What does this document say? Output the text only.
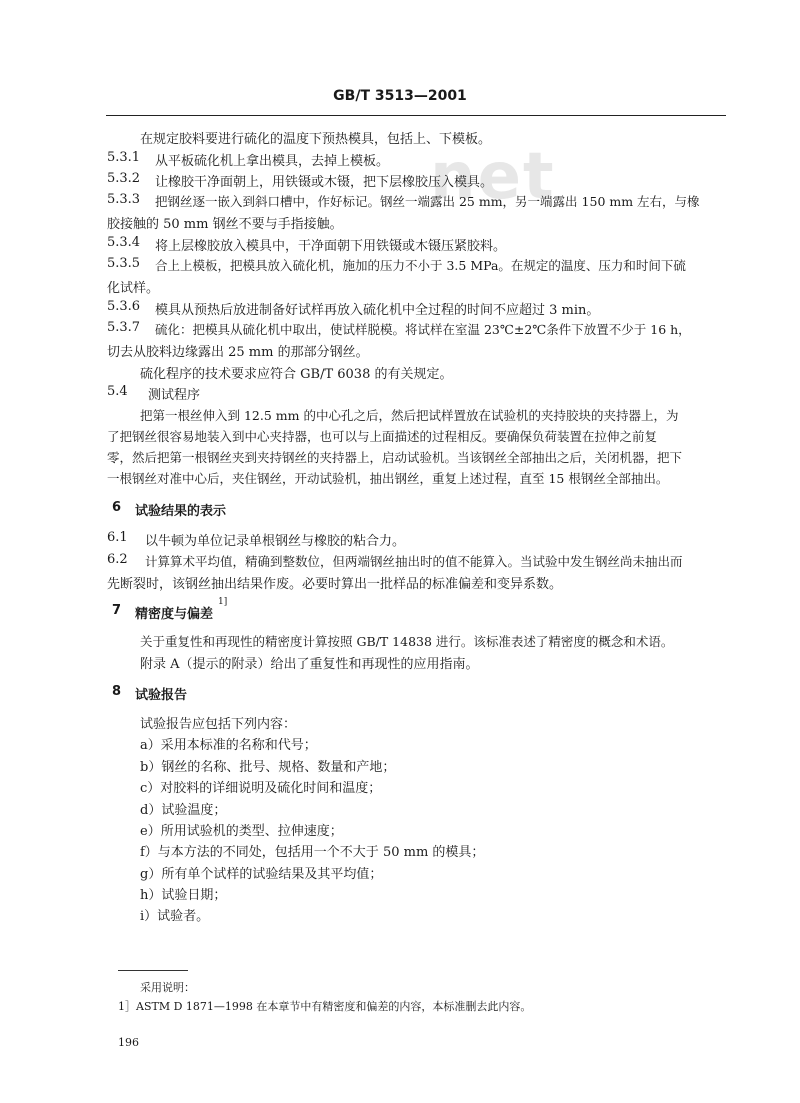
net
GB/T 3513—2001
在规定胶料要进行硫化的温度下预热模具，包括上、下模板。
5.3.1 从平板硫化机上拿出模具，去掉上模板。
5.3.2 让橡胶干净面朝上，用铁镊或木镊，把下层橡胶压入模具。
5.3.3 把钢丝逐一嵌入到斜口槽中，作好标记。钢丝一端露出 25 mm，另一端露出 150 mm 左右，与橡
胶接触的 50 mm 钢丝不要与手指接触。
5.3.4 将上层橡胶放入模具中，干净面朝下用铁镊或木镊压紧胶料。
5.3.5 合上上模板，把模具放入硫化机，施加的压力不小于 3.5 MPa。在规定的温度、压力和时间下硫
化试样。
5.3.6 模具从预热后放进制备好试样再放入硫化机中全过程的时间不应超过 3 min。
5.3.7 硫化：把模具从硫化机中取出，使试样脱模。将试样在室温 23℃±2℃条件下放置不少于 16 h，
切去从胶料边缘露出 25 mm 的那部分钢丝。
硫化程序的技术要求应符合 GB/T 6038 的有关规定。
5.4 测试程序
把第一根丝伸入到 12.5 mm 的中心孔之后，然后把试样置放在试验机的夹持胶块的夹持器上，为
了把钢丝很容易地装入到中心夹持器，也可以与上面描述的过程相反。要确保负荷装置在拉伸之前复
零，然后把第一根钢丝夹到夹持钢丝的夹持器上，启动试验机。当该钢丝全部抽出之后，关闭机器，把下
一根钢丝对准中心后，夹住钢丝，开动试验机，抽出钢丝，重复上述过程，直至 15 根钢丝全部抽出。
6 试验结果的表示
6.1 以牛顿为单位记录单根钢丝与橡胶的粘合力。
6.2 计算算术平均值，精确到整数位，但两端钢丝抽出时的值不能算入。当试验中发生钢丝尚未抽出而
先断裂时，该钢丝抽出结果作废。必要时算出一批样品的标准偏差和变异系数。
7 精密度与偏差
1]
关于重复性和再现性的精密度计算按照 GB/T 14838 进行。该标准表述了精密度的概念和术语。
附录 A（提示的附录）给出了重复性和再现性的应用指南。
8 试验报告
试验报告应包括下列内容：
a）采用本标准的名称和代号；
b）钢丝的名称、批号、规格、数量和产地；
c）对胶料的详细说明及硫化时间和温度；
d）试验温度；
e）所用试验机的类型、拉伸速度；
f）与本方法的不同处，包括用一个不大于 50 mm 的模具；
g）所有单个试样的试验结果及其平均值；
h）试验日期；
i）试验者。
采用说明：
1］ASTM D 1871—1998 在本章节中有精密度和偏差的内容，本标准删去此内容。
196
